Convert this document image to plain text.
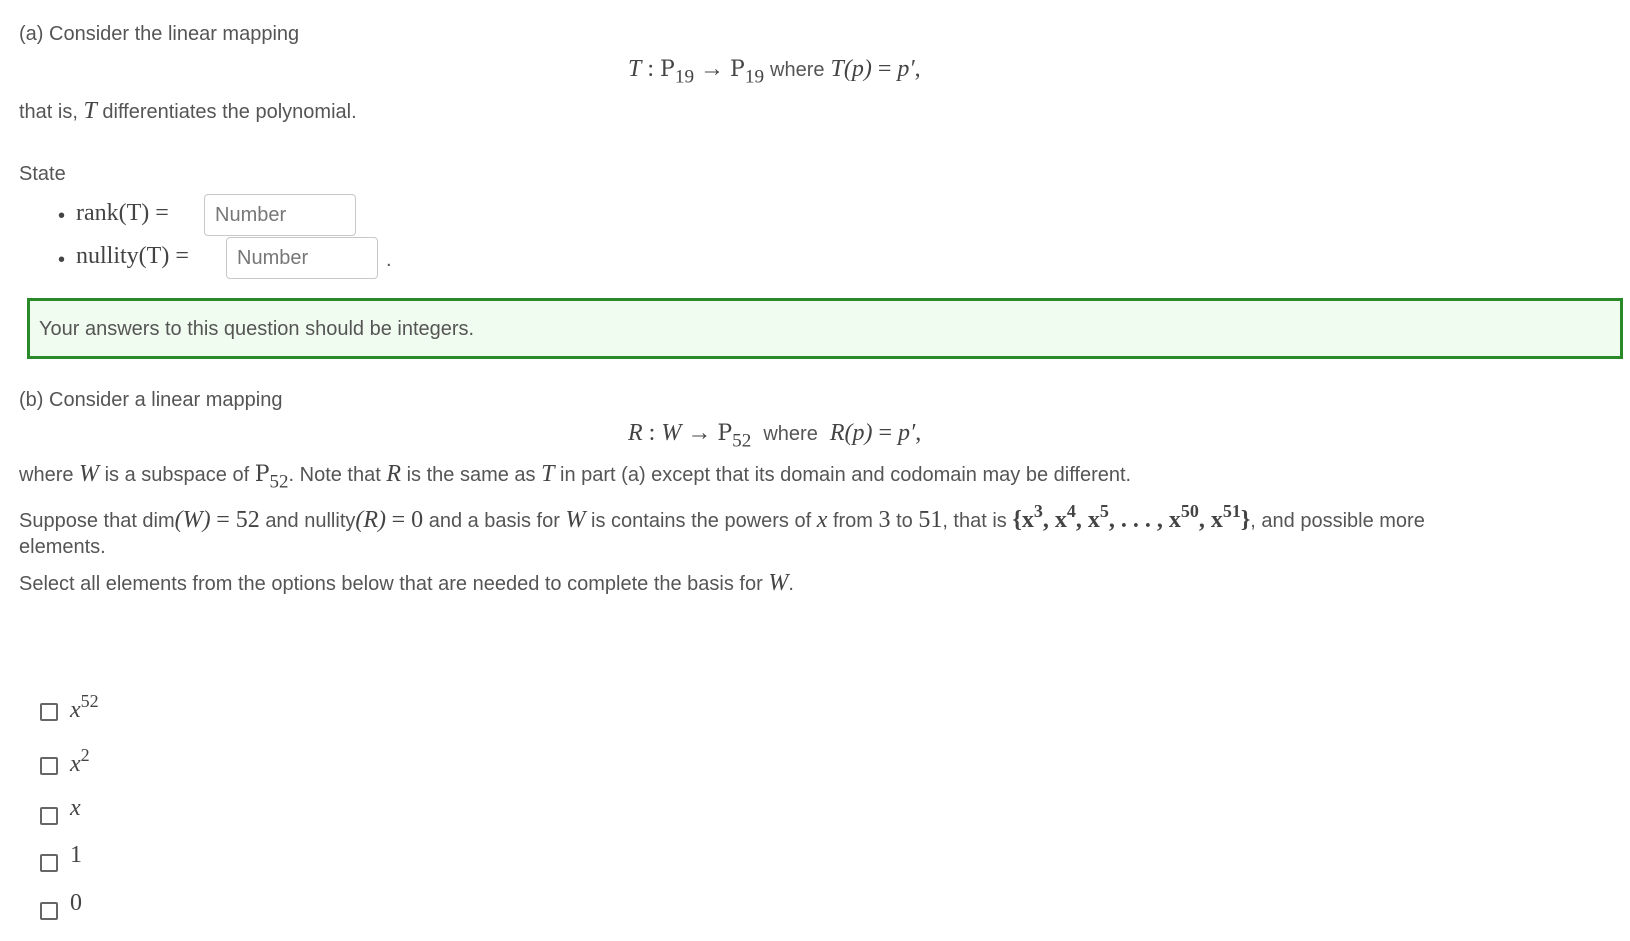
(a) Consider the linear mapping
T : $P_{19} \to P_{19}$ where T(p) = p′,
that is, T differentiates the polynomial.
State
• rank(T) =
Number
• nullity(T) =
Number	.
Your answers to this question should be integers.
(b) Consider a linear mapping
R : $W \to P_{52}$ where R(p) = p′,
where W is a subspace of P52. Note that R is the same as T in part (a) except that its domain and codomain may be different.
Suppose that dim(W) = 52 and nullity(R) = 0 and a basis for W is contains the powers of x from 3 to 51, that is {$x^3$, $x^4$, $x^5$, . . . , $x^{50}$, $x^{51}$}, and possible more
elements.
Select all elements from the options below that are needed to complete the basis for W.
$x^{52}$
$x^2$
x
1
0
